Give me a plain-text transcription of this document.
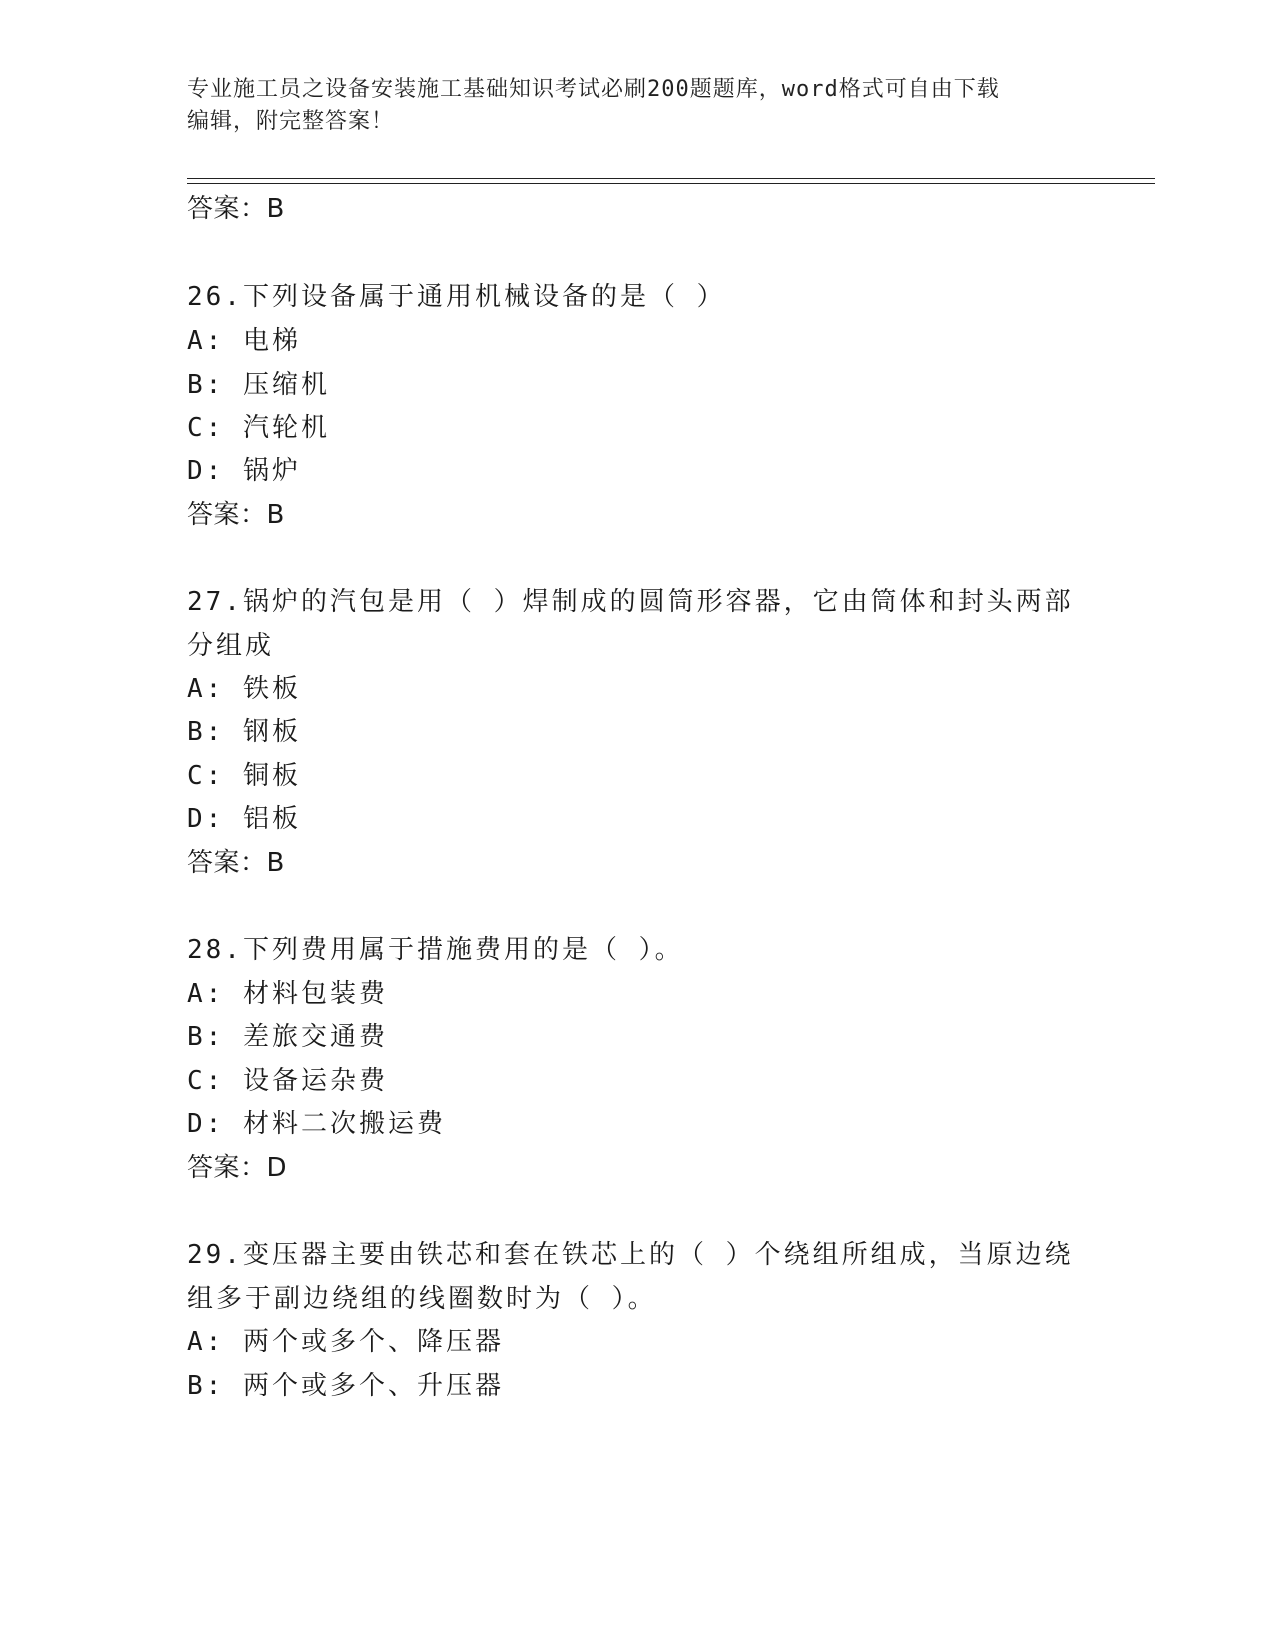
专业施工员之设备安装施工基础知识考试必刷200题题库，word格式可自由下载
编辑，附完整答案！
答案：B
26.下列设备属于通用机械设备的是（ ）
A: 电梯
B: 压缩机
C: 汽轮机
D: 锅炉
答案：B
27.锅炉的汽包是用（ ）焊制成的圆筒形容器，它由筒体和封头两部
分组成
A: 铁板
B: 钢板
C: 铜板
D: 铝板
答案：B
28.下列费用属于措施费用的是（ ）。
A: 材料包装费
B: 差旅交通费
C: 设备运杂费
D: 材料二次搬运费
答案：D
29.变压器主要由铁芯和套在铁芯上的（ ）个绕组所组成，当原边绕
组多于副边绕组的线圈数时为（ ）。
A: 两个或多个、降压器
B: 两个或多个、升压器
